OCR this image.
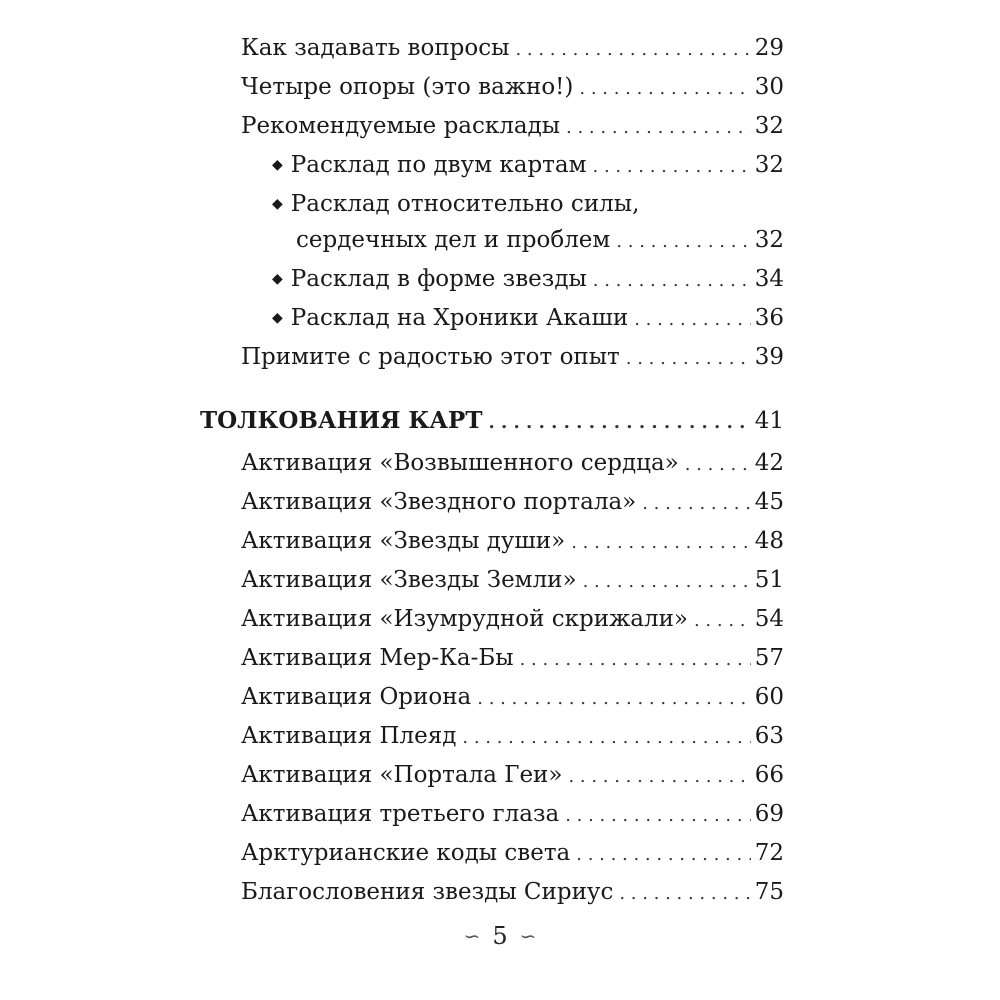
Как задавать вопросы . . .	29
Четыре опоры (это важно!) . . .	30
Рекомендуемые расклады . . .	32
◆ Расклад по двум картам . . .	32
◆ Расклад относительно силы,
сердечных дел и проблем . . .	32
◆ Расклад в форме звезды . . .	34
◆ Расклад на Хроники Акаши . . .	36
Примите с радостью этот опыт . . .	39
ТОЛКОВАНИЯ КАРТ . . .	41
Активация «Возвышенного сердца» . . .	42
Активация «Звездного портала» . . .	45
Активация «Звезды души» . . .	48
Активация «Звезды Земли» . . .	51
Активация «Изумрудной скрижали» . . .	54
Активация Мер-Ка-Бы . . .	57
Активация Ориона . . .	60
Активация Плеяд . . .	63
Активация «Портала Геи» . . .	66
Активация третьего глаза . . .	69
Арктурианские коды света . . .	72
Благословения звезды Сириус . . .	75
∽ 5 ∽
